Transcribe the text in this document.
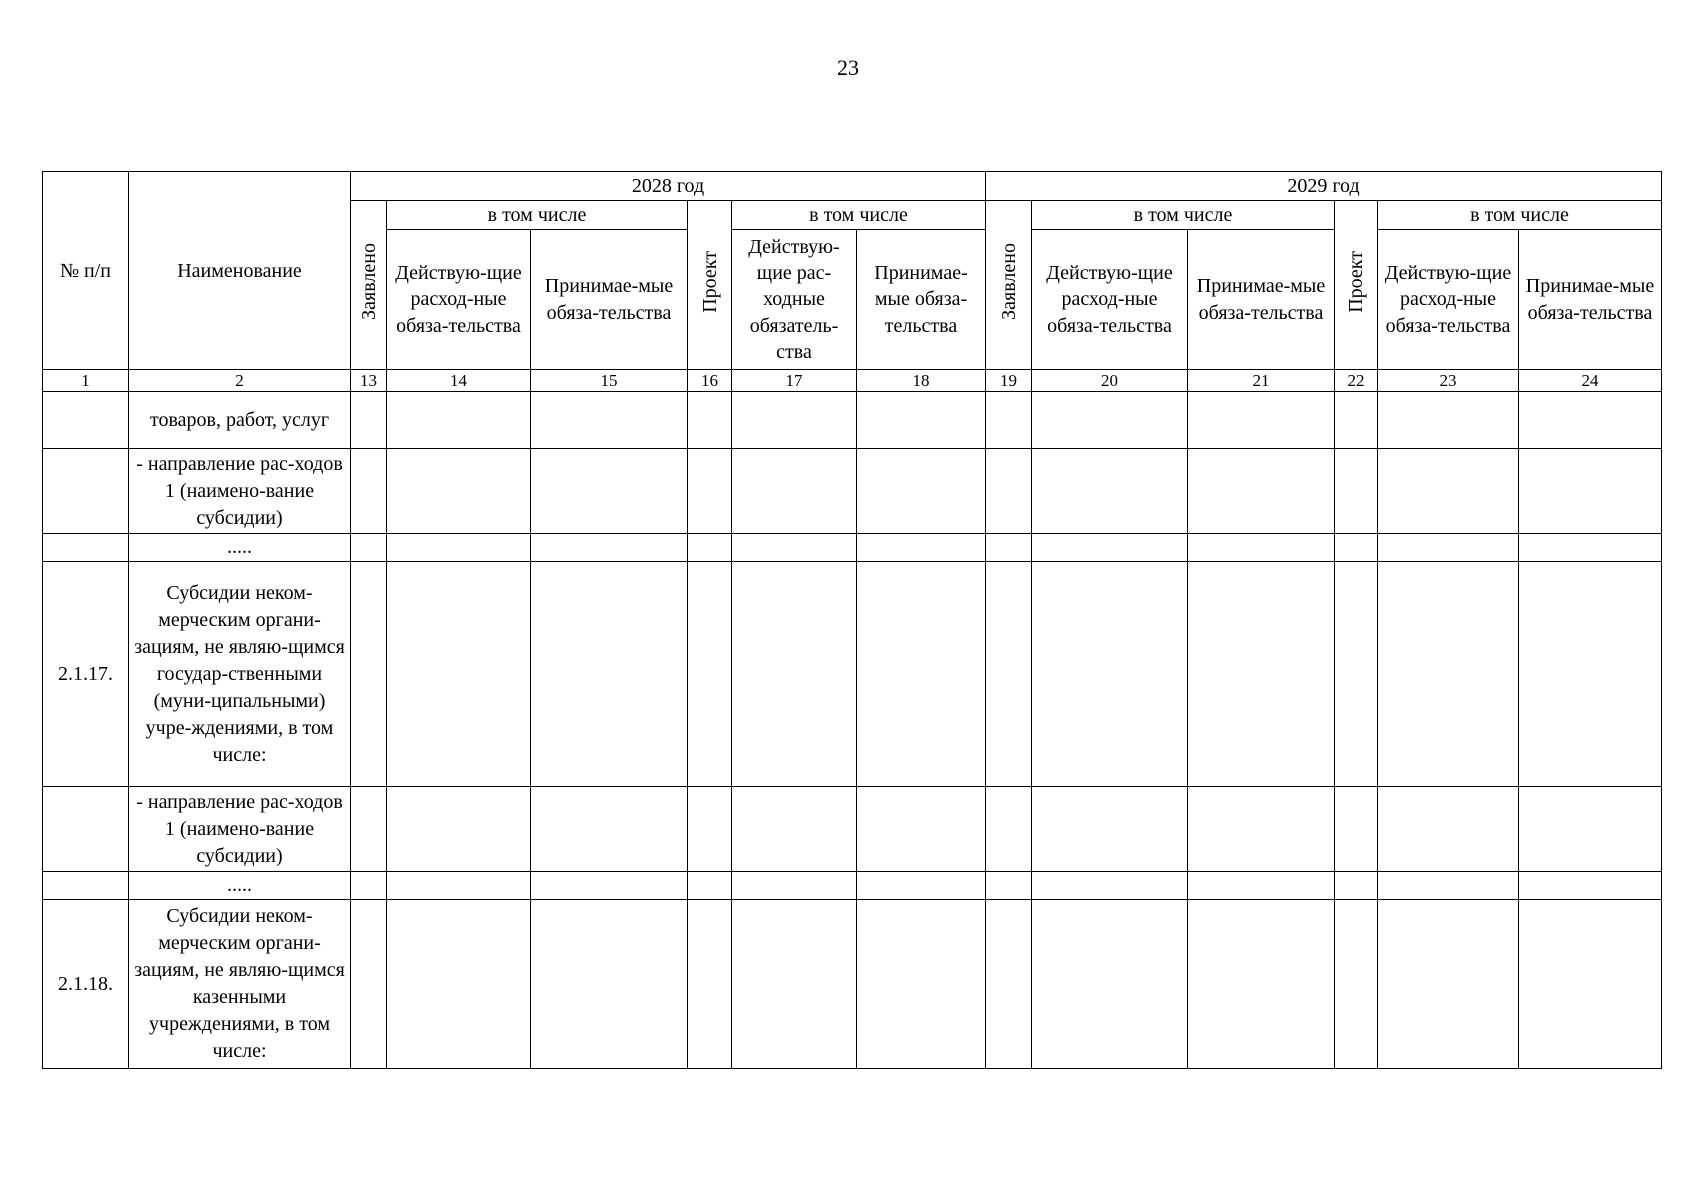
23
№ п/п	Наименование	2028 год						2029 год					
		Заявлено	в том числе		Проект	в том числе		Заявлено	в том числе		Проект	в том числе	
			Действую-щие расход-ные обяза-тельства	Принимае-мые обяза-тельства		Действую-щие рас-ходные обязатель-ства	Принимае-мые обяза-тельства		Действую-щие расход-ные обяза-тельства	Принимае-мые обяза-тельства		Действую-щие расход-ные обяза-тельства	Принимае-мые обяза-тельства
1	2	13	14	15	16	17	18	19	20	21	22	23	24
	товаров, работ, услуг												
	- направление рас-ходов 1 (наимено-вание субсидии)												
	.....												
2.1.17.	Субсидии неком-мерческим органи-зациям, не являю-щимся государ-ственными (муни-ципальными) учре-ждениями, в том числе:												
	- направление рас-ходов 1 (наимено-вание субсидии)												
	.....												
2.1.18.	Субсидии неком-мерческим органи-зациям, не являю-щимся казенными учреждениями, в том числе:												
